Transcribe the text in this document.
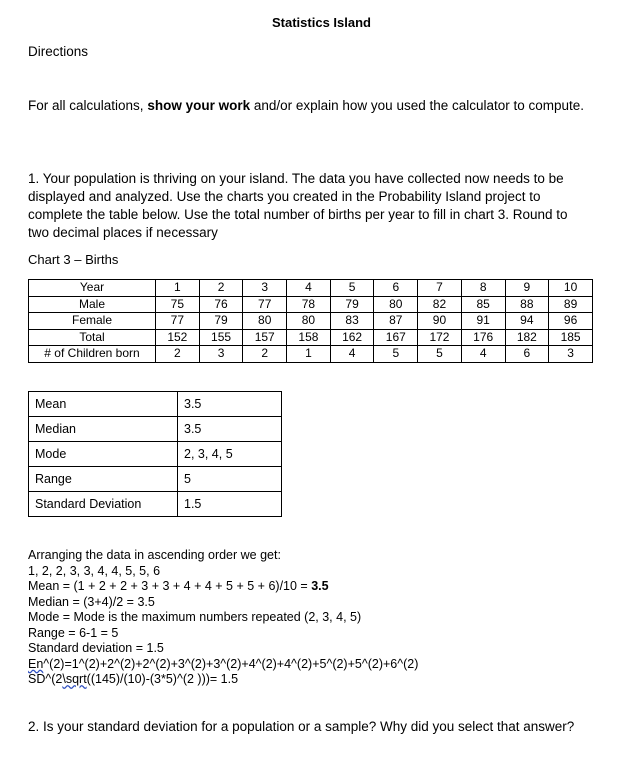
Statistics Island
Directions
For all calculations, show your work and/or explain how you used the calculator to compute.
1. Your population is thriving on your island. The data you have collected now needs to be displayed and analyzed. Use the charts you created in the Probability Island project to complete the table below. Use the total number of births per year to fill in chart 3. Round to two decimal places if necessary
Chart 3 – Births
Year	1	2	3	4	5	6	7	8	9	10
Male	75	76	77	78	79	80	82	85	88	89
Female	77	79	80	80	83	87	90	91	94	96
Total	152	155	157	158	162	167	172	176	182	185
# of Children born	2	3	2	1	4	5	5	4	6	3
Mean	3.5
Median	3.5
Mode	2, 3, 4, 5
Range	5
Standard Deviation	1.5
Arranging the data in ascending order we get:
1, 2, 2, 3, 3, 4, 4, 5, 5, 6
Mean = (1 + 2 + 2 + 3 + 3 + 4 + 4 + 5 + 5 + 6)/10 = 3.5
Median = (3+4)/2 = 3.5
Mode = Mode is the maximum numbers repeated (2, 3, 4, 5)
Range = 6-1 = 5
Standard deviation = 1.5
En^(2)=1^(2)+2^(2)+2^(2)+3^(2)+3^(2)+4^(2)+4^(2)+5^(2)+5^(2)+6^(2)
SD^(2\sqrt((145)/(10)-(3*5)^(2 )))= 1.5
2. Is your standard deviation for a population or a sample? Why did you select that answer?
